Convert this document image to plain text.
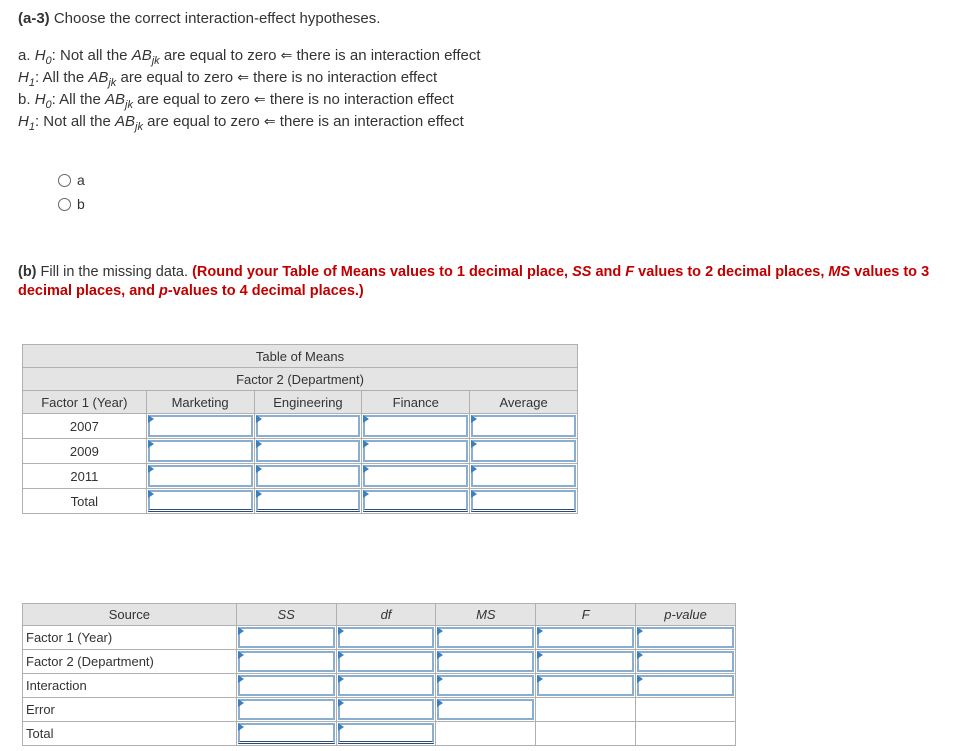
(a-3) Choose the correct interaction-effect hypotheses.
a. $H_0$: Not all the $AB_{jk}$ are equal to zero ⇐ there is an interaction effect
$H_1$: All the $AB_{jk}$ are equal to zero ⇐ there is no interaction effect
b. $H_0$: All the $AB_{jk}$ are equal to zero ⇐ there is no interaction effect
$H_1$: Not all the $AB_{jk}$ are equal to zero ⇐ there is an interaction effect
a
b
(b) Fill in the missing data. (Round your Table of Means values to 1 decimal place, SS and F values to 2 decimal places, MS values to 3 decimal places, and p-values to 4 decimal places.)
Table of Means				
Factor 2 (Department)				
Factor 1 (Year)	Marketing	Engineering	Finance	Average
2007	

2009	

2011	

Total	

Source	SS	df	MS	F	p-value
Factor 1 (Year)	

Factor 2 (Department)	

Interaction	

Error	

Total	
